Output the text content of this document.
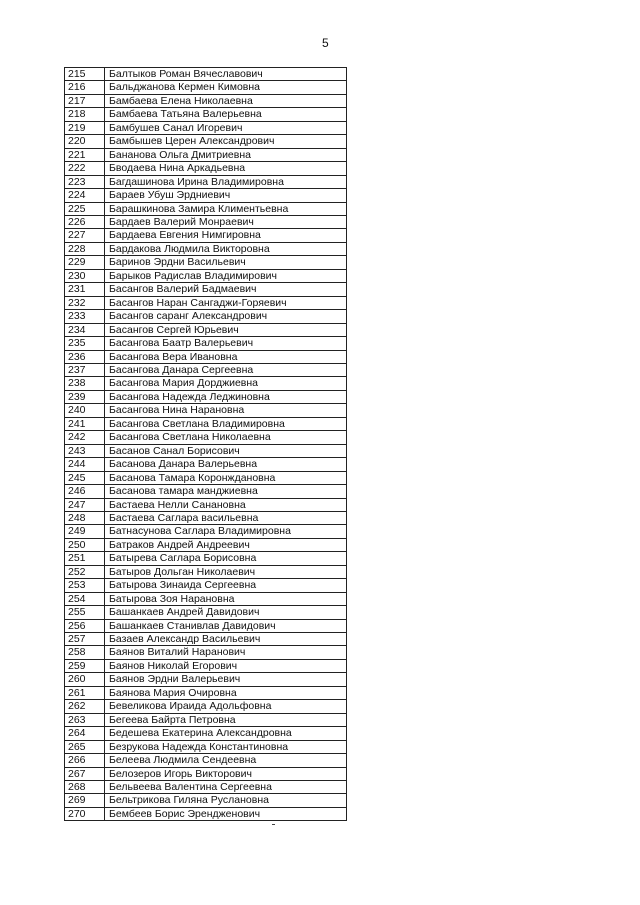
5
215	Балтыков Роман Вячеславович
216	Бальджанова Кермен Кимовна
217	Бамбаева Елена Николаевна
218	Бамбаева Татьяна Валерьевна
219	Бамбушев Санал Игоревич
220	Бамбышев Церен Александрович
221	Бананова Ольга Дмитриевна
222	Бводаева Нина Аркадьевна
223	Багдашинова Ирина Владимировна
224	Бараев Убуш Эрдниевич
225	Барашкинова Замира Климентьевна
226	Бардаев Валерий Монраевич
227	Бардаева Евгения Нимгировна
228	Бардакова Людмила Викторовна
229	Баринов Эрдни Васильевич
230	Барыков Радислав Владимирович
231	Басангов Валерий Бадмаевич
232	Басангов Наран Сангаджи-Горяевич
233	Басангов саранг Александрович
234	Басангов Сергей Юрьевич
235	Басангова Баатр Валерьевич
236	Басангова Вера Ивановна
237	Басангова Данара Сергеевна
238	Басангова Мария Дорджиевна
239	Басангова Надежда Леджиновна
240	Басангова Нина Наранoвна
241	Басангова Светлана Владимировна
242	Басангова Светлана Николаевна
243	Басанов Санал Борисович
244	Басанова Данара Валерьевна
245	Басанова Тамара Коронждановна
246	Басанова тамара манджиевна
247	Бастаева Нелли Сананoвна
248	Бастаева Саглара васильевна
249	Батнасунова Саглара Владимировна
250	Батраков Андрей Андреевич
251	Батырева Саглара Борисовна
252	Батыров Дольган Николаевич
253	Батырова Зинаида Сергеевна
254	Батырова Зоя Наранoвна
255	Башанкаев Андрей Давидович
256	Башанкаев Станивлав Давидович
257	Базаев Александр Васильевич
258	Баянов Виталий Наранович
259	Баянов Николай Егорович
260	Баянов Эрдни Валерьевич
261	Баянова Мария Очировна
262	Бевеликова Ираида Адольфовна
263	Бегеева Байрта Петровна
264	Бедешева Екатерина Александровна
265	Безрукова Надежда Константиновна
266	Белеева Людмила Сендеевна
267	Белозеров Игорь Викторович
268	Бельвеева Валентина Сергеевна
269	Бельтрикова Гиляна Руслановна
270	Бембеев Борис Эренджeнович
